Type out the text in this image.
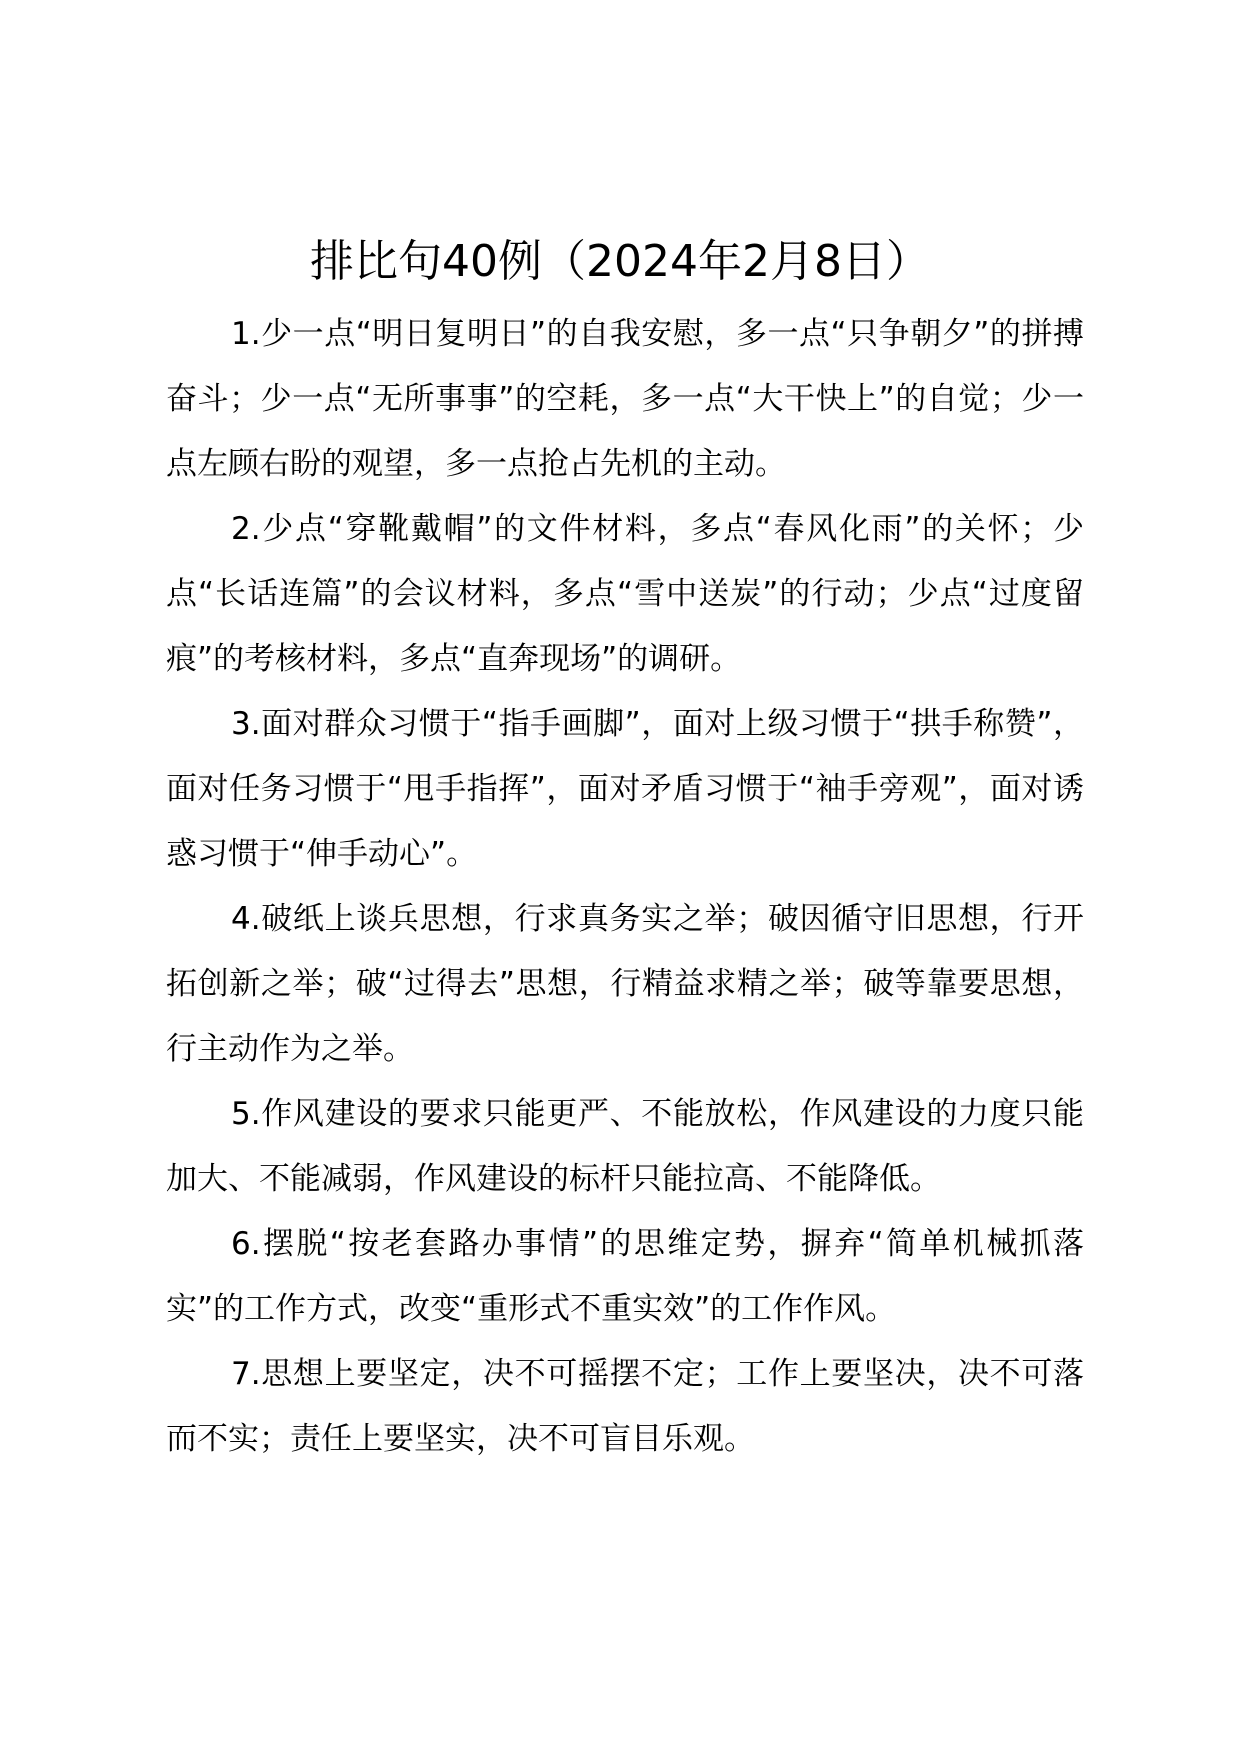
排比句40例（2024年2月8日）

1.少一点“明日复明日”的自我安慰，多一点“只争朝夕”的拼搏奋斗；少一点“无所事事”的空耗，多一点“大干快上”的自觉；少一点左顾右盼的观望，多一点抢占先机的主动。

2.少点“穿靴戴帽”的文件材料，多点“春风化雨”的关怀；少点“长话连篇”的会议材料，多点“雪中送炭”的行动；少点“过度留痕”的考核材料，多点“直奔现场”的调研。

3.面对群众习惯于“指手画脚”，面对上级习惯于“拱手称赞”，面对任务习惯于“甩手指挥”，面对矛盾习惯于“袖手旁观”，面对诱惑习惯于“伸手动心”。

4.破纸上谈兵思想，行求真务实之举；破因循守旧思想，行开拓创新之举；破“过得去”思想，行精益求精之举；破等靠要思想，行主动作为之举。

5.作风建设的要求只能更严、不能放松，作风建设的力度只能加大、不能减弱，作风建设的标杆只能拉高、不能降低。

6.摆脱“按老套路办事情”的思维定势，摒弃“简单机械抓落实”的工作方式，改变“重形式不重实效”的工作作风。

7.思想上要坚定，决不可摇摆不定；工作上要坚决，决不可落而不实；责任上要坚实，决不可盲目乐观。
